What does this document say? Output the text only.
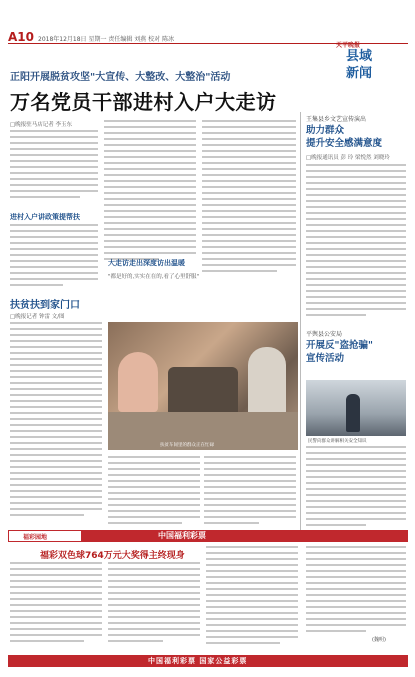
A10 2018年12月18日 星期一 责任编辑 刘燕 校对 陈冰
天平晚报
县域
新闻
正阳开展脱贫攻坚"大宣传、大整改、大整治"活动
万名党员干部进村入户大走访
□晚报驻马店记者 李玉东
进村入户讲政策提帮扶
大走访走出深度访出温暖
"都是好的,实实在在的,看了心里舒服"
扶贫扶到家门口
□晚报记者 钟雷 文/图
扶贫车间里的群众正在忙碌
王集县乡文艺宣传演出
助力群众
提升安全感满意度
□晚报通讯员 彭 玲 梁悦然 刘晓玲
平舆县公安局
开展反"盗抢骗"
宣传活动
民警向群众讲解相关安全知识
福彩园地	中国福利彩票
福彩双色球764万元大奖得主终现身
(魏明)
中国福利彩票 国家公益彩票
